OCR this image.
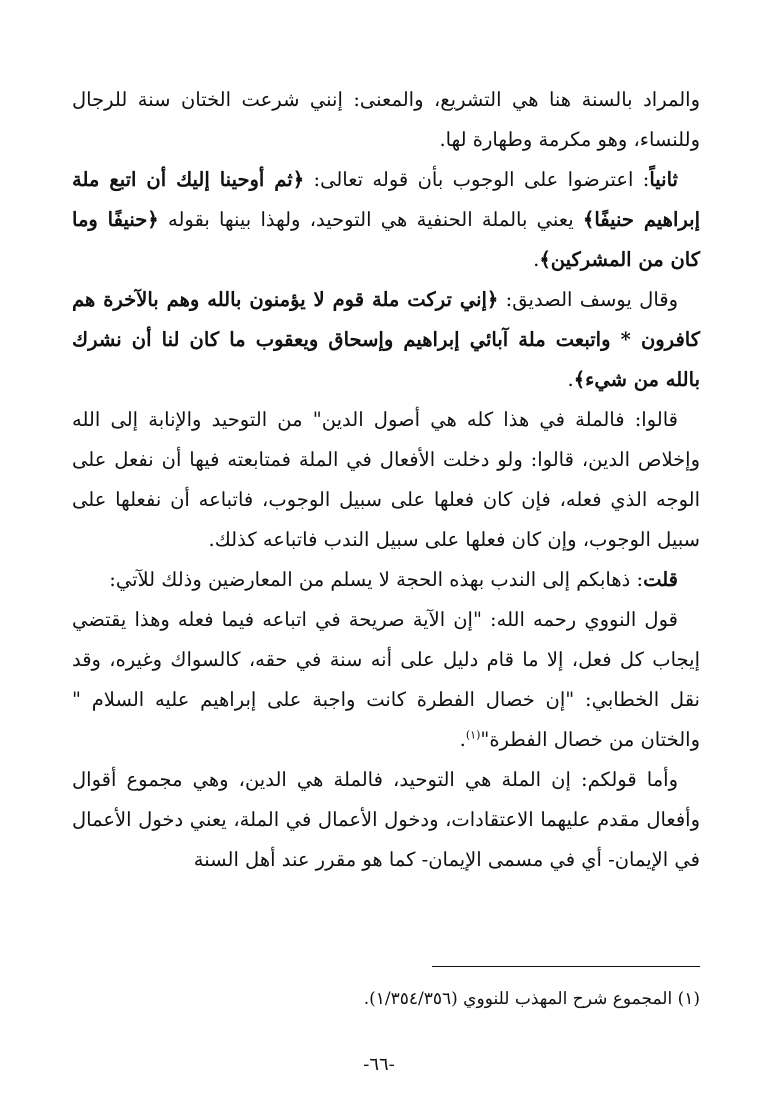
والمراد بالسنة هنا هي التشريع، والمعنى: إنني شرعت الختان سنة للرجال وللنساء، وهو مكرمة وطهارة لها.

ثانياً: اعترضوا على الوجوب بأن قوله تعالى: ﴿ثم أوحينا إليك أن اتبع ملة إبراهيم حنيفًا﴾ يعني بالملة الحنفية هي التوحيد، ولهذا بينها بقوله ﴿حنيفًا وما كان من المشركين﴾.

وقال يوسف الصديق: ﴿إني تركت ملة قوم لا يؤمنون بالله وهم بالآخرة هم كافرون * واتبعت ملة آبائي إبراهيم وإسحاق ويعقوب ما كان لنا أن نشرك بالله من شيء﴾.

قالوا: فالملة في هذا كله هي أصول الدين" من التوحيد والإنابة إلى الله وإخلاص الدين، قالوا: ولو دخلت الأفعال في الملة فمتابعته فيها أن نفعل على الوجه الذي فعله، فإن كان فعلها على سبيل الوجوب، فاتباعه أن نفعلها على سبيل الوجوب، وإن كان فعلها على سبيل الندب فاتباعه كذلك.

قلت: ذهابكم إلى الندب بهذه الحجة لا يسلم من المعارضين وذلك للآتي:

قول النووي رحمه الله: "إن الآية صريحة في اتباعه فيما فعله وهذا يقتضي إيجاب كل فعل، إلا ما قام دليل على أنه سنة في حقه، كالسواك وغيره، وقد نقل الخطابي: "إن خصال الفطرة كانت واجبة على إبراهيم عليه السلام " والختان من خصال الفطرة"$^{(١)}$.

وأما قولكم: إن الملة هي التوحيد، فالملة هي الدين، وهي مجموع أقوال وأفعال مقدم عليهما الاعتقادات، ودخول الأعمال في الملة، يعني دخول الأعمال في الإيمان- أي في مسمى الإيمان- كما هو مقرر عند أهل السنة

(١) المجموع شرح المهذب للنووي (١/٣٥٤/٣٥٦).
-٦٦-
